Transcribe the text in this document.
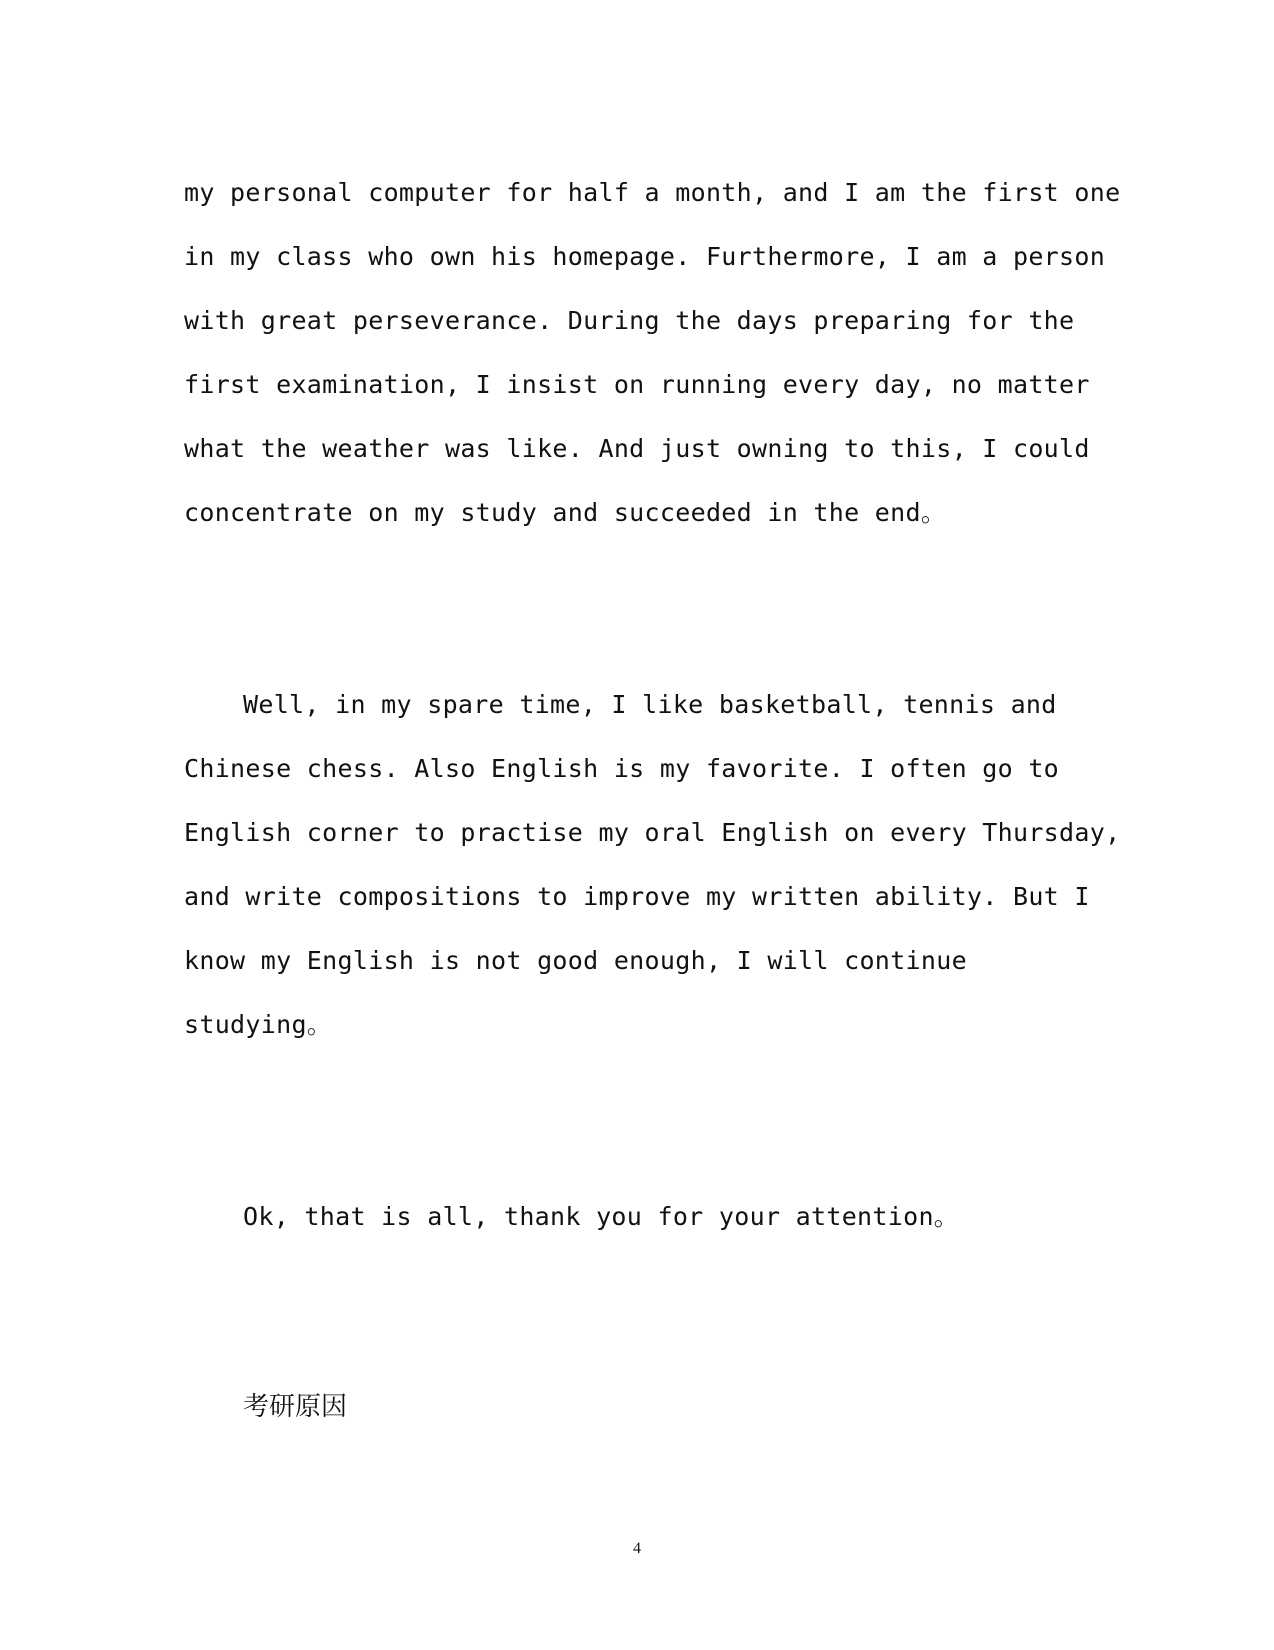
my personal computer for half a month, and I am the first one
in my class who own his homepage. Furthermore, I am a person
with great perseverance. During the days preparing for the
first examination, I insist on running every day, no matter
what the weather was like. And just owning to this, I could
concentrate on my study and succeeded in the end。
Well, in my spare time, I like basketball, tennis and
Chinese chess. Also English is my favorite. I often go to
English corner to practise my oral English on every Thursday,
and write compositions to improve my written ability. But I
know my English is not good enough, I will continue
studying。
Ok, that is all, thank you for your attention。
考研原因
4
